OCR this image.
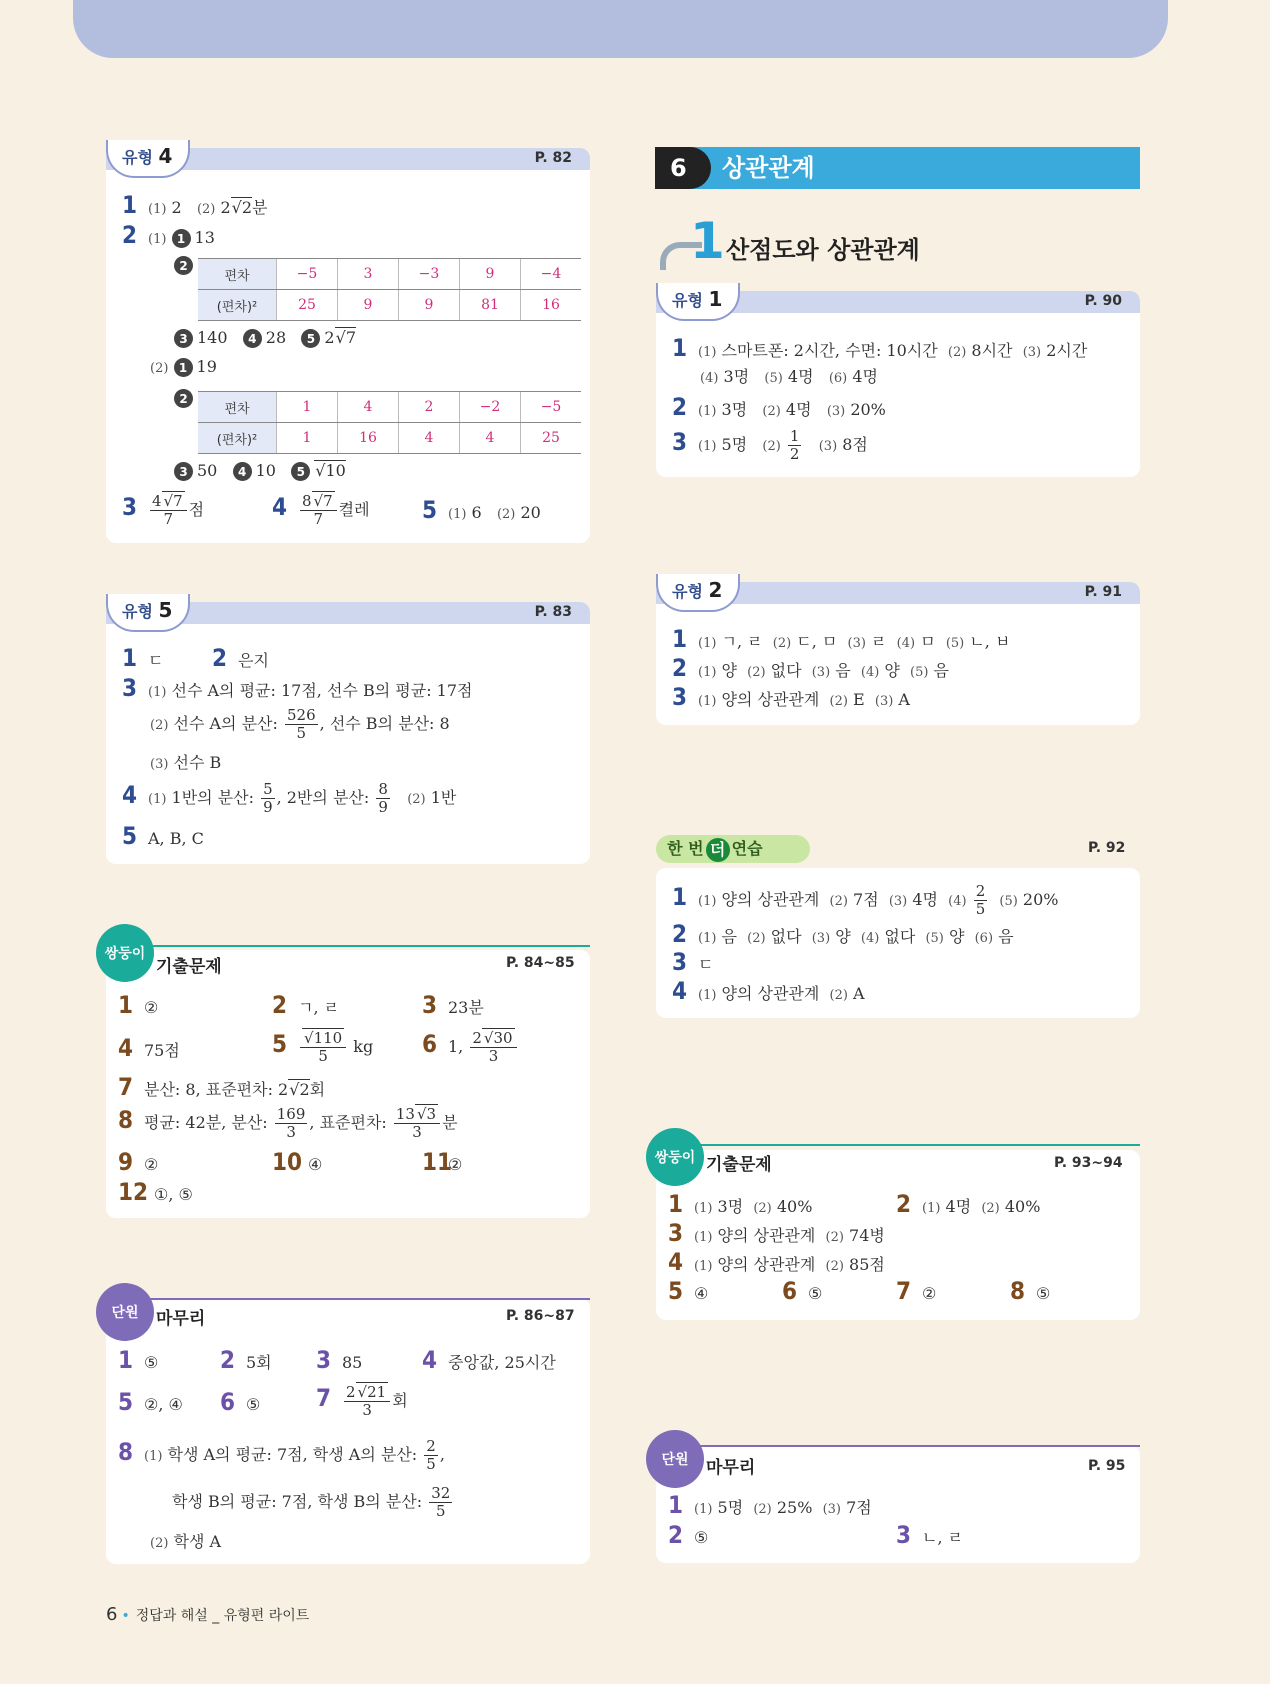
유형 4	P. 82
1 (1) 2   (2) 2 √ 2분
2 (1) 1 13
2
편차	−5	3	−3	9	−4
(편차)²	25	9	9	81	16
3 140   4 28   5 2 √ 7
(2) 1 19
2
편차	1	4	2	−2	−5
(편차)²	1	16	4	4	25
3 50   4 10   5 √ 10
$3 \frac{4 √ 7}{7}$ 점	$4 \frac{8 √ 7}{7}$ 켤레 5 (1) 6   (2) 20
유형 5	P. 83
1 ㄷ 2 은지
3 (1) 선수 A의 평균: 17점, 선수 B의 평균: 17점
(2) 선수 A의 분산: $\frac{526}{5}$ , 선수 B의 분산: 8
(3) 선수 B
4 (1) 1반의 분산: $\frac{5}{9}$ , 2반의 분산: $\frac{8}{9} (2)$ 1반
5 A, B, C
1 ②	2 ㄱ, ㄹ	3 23분
4 75점	5 √ $\frac{110}{5}$ kg 6 1, $\frac{2 √ 30}{3}$
7 분산: 8, 표준편차: 2 √ 2회
8 평균: 42분, 분산: $\frac{169}{3}$ , 표준편차: $\frac{13 √ 3}{3}$ 분
9 ②	10 ④	11②
12 ①, ⑤
쌍둥이
기출문제	P. 84~85
1 ⑤	2 5회 3 85 4 중앙값, 25시간
5 ②, ④ 6 ⑤ $7 \frac{2 √ 21}{3}$ 회
8 (1) 학생 A의 평균: 7점, 학생 A의 분산: $\frac{2}{5}$ ,
학생 B의 평균: 7점, 학생 B의 분산: $\frac{32}{5}$
(2) 학생 A
단원	마무리	P. 86~87
6	상관관계
1 산점도와 상관관계
유형 1	P. 90
1 (1) 스마트폰: 2시간, 수면: 10시간  (2) 8시간  (3) 2시간
(4) 3명   (5) 4명   (6) 4명
2 (1) 3명   (2) 4명   (3) 20%
3 (1) 5명   $(2) \frac{1}{2} (3)$ 8점
유형 2	P. 91
1 (1) ㄱ, ㄹ  (2) ㄷ, ㅁ  (3) ㄹ  (4) ㅁ  (5) ㄴ, ㅂ
2 (1) 양  (2) 없다  (3) 음  (4) 양  (5) 음
3 (1) 양의 상관관계  (2) E  (3) A
1 (1) 양의 상관관계  (2) 7점  (3) 4명  $(4) \frac{2}{5} (5)$ 20%
2 (1) 음  (2) 없다  (3) 양  (4) 없다  (5) 양  (6) 음
3 ㄷ
4 (1) 양의 상관관계  (2) A
한 번 더 연습	P. 92
1 (1) 3명  (2) 40%	2 (1) 4명  (2) 40%
3 (1) 양의 상관관계  (2) 74병
4 (1) 양의 상관관계  (2) 85점
5 ④	6 ⑤	7 ②	8 ⑤
쌍둥이 기출문제	P. 93~94
1 (1) 5명  (2) 25%  (3) 7점
2 ⑤	3 ㄴ, ㄹ
단원	마무리	P. 95
6 • 정답과 해설 _ 유형편 라이트
